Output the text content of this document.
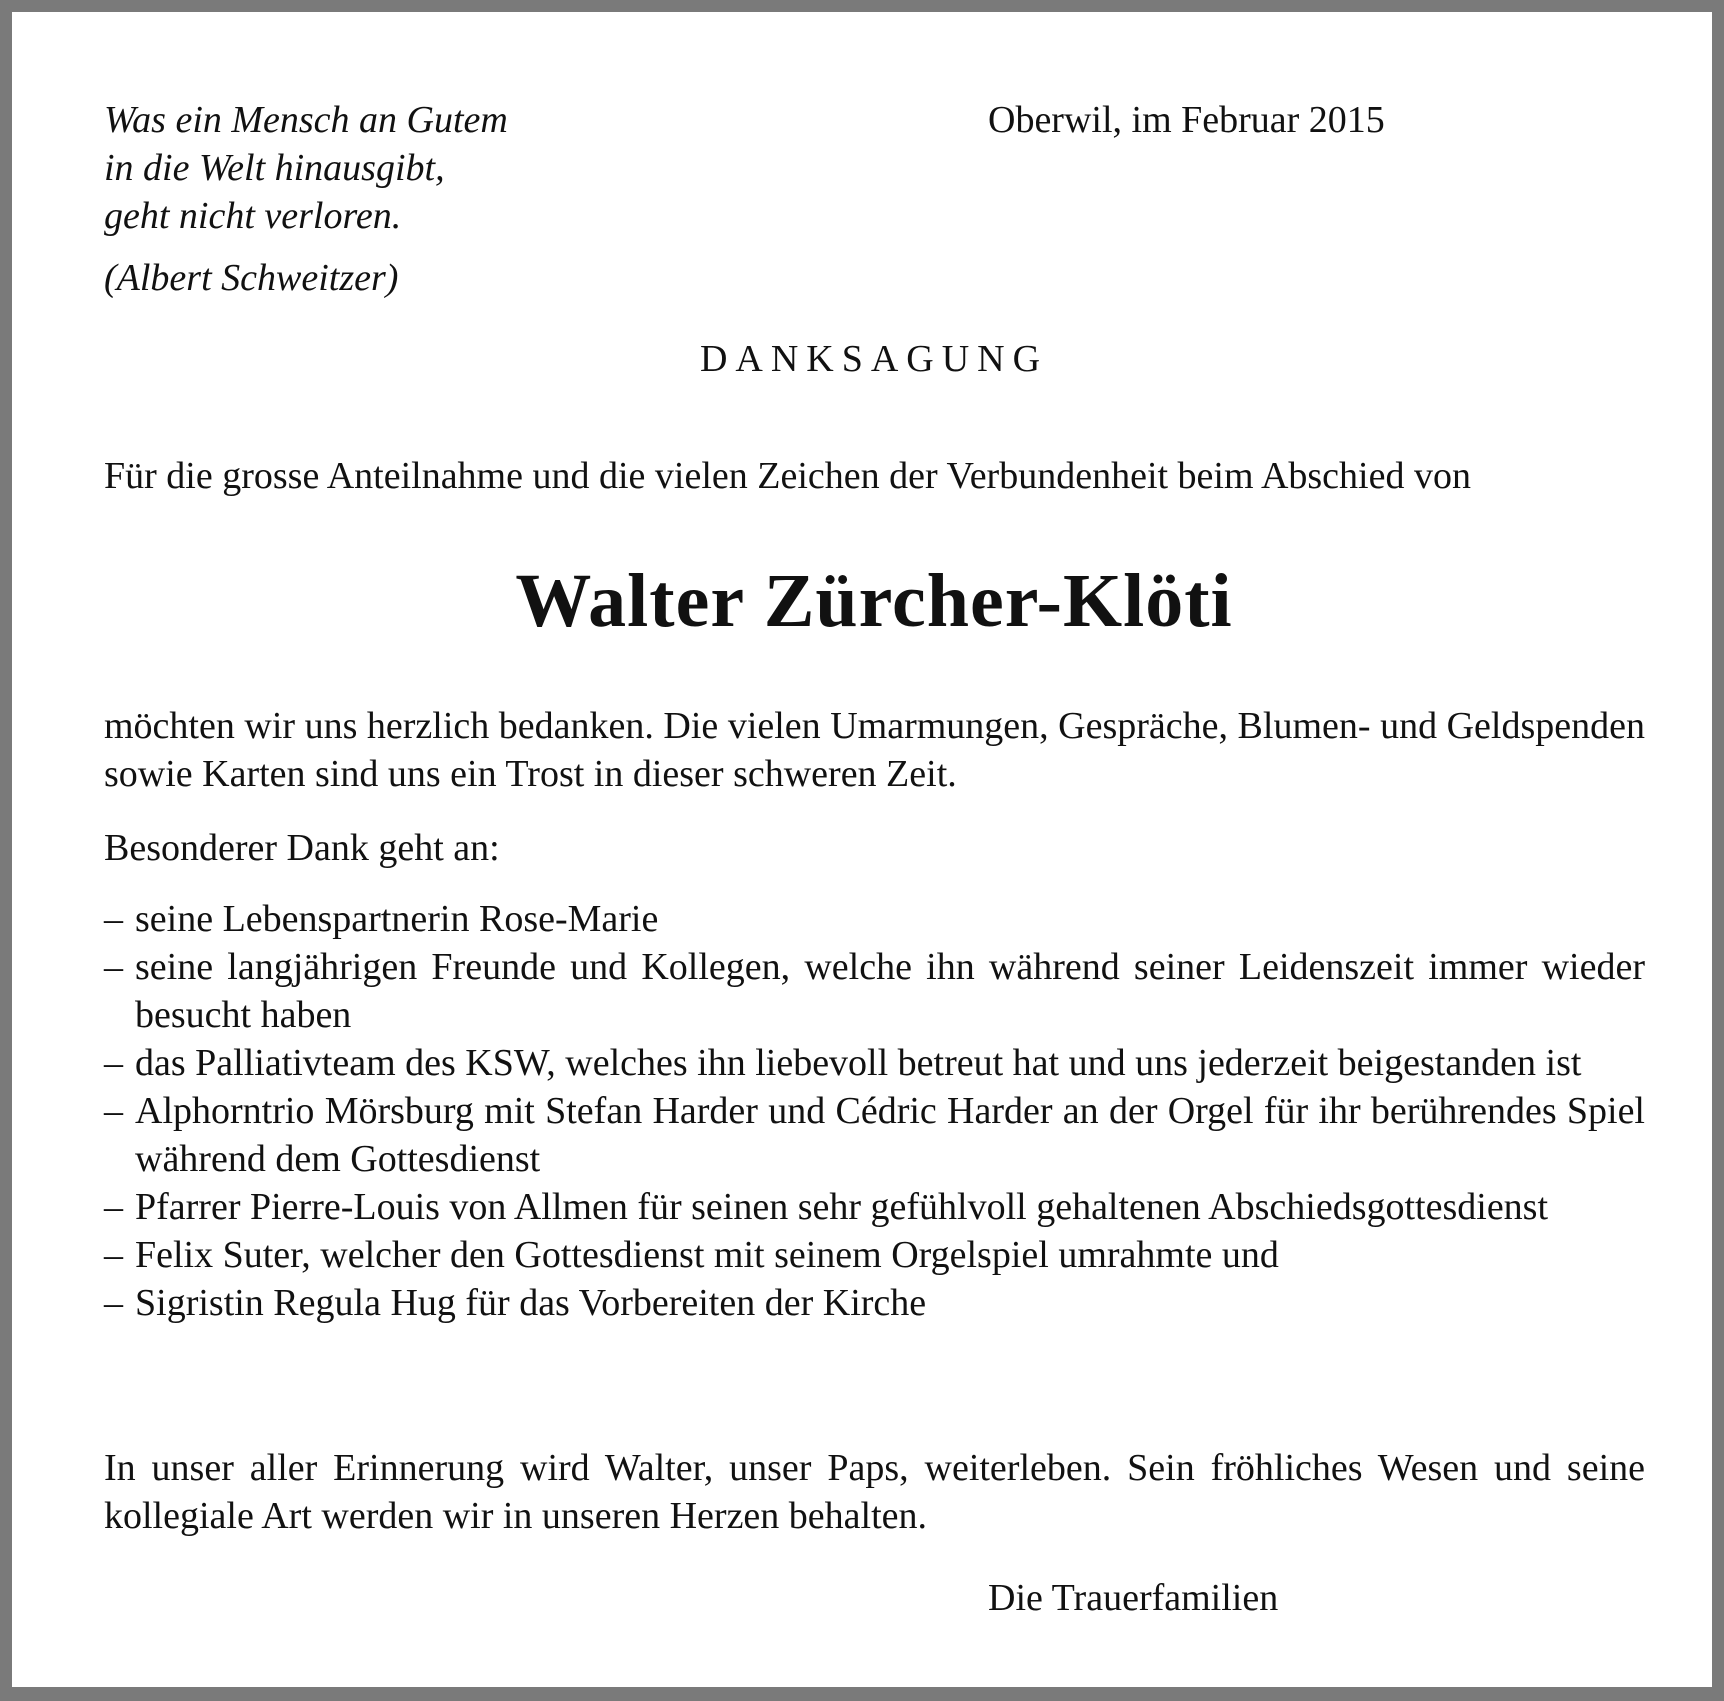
Was ein Mensch an Gutem
in die Welt hinausgibt,
geht nicht verloren.

(Albert Schweitzer)

Oberwil, im Februar 2015

DANKSAGUNG

Für die grosse Anteilnahme und die vielen Zeichen der Verbundenheit beim Abschied von

Walter Zürcher-Klöti

möchten wir uns herzlich bedanken. Die vielen Umarmungen, Gespräche, Blumen- und Geldspenden sowie Karten sind uns ein Trost in dieser schweren Zeit.

Besonderer Dank geht an:

– seine Lebenspartnerin Rose-Marie
– seine langjährigen Freunde und Kollegen, welche ihn während seiner Leidenszeit immer wieder besucht haben
– das Palliativteam des KSW, welches ihn liebevoll betreut hat und uns jederzeit beigestanden ist
– Alphorntrio Mörsburg mit Stefan Harder und Cédric Harder an der Orgel für ihr berührendes Spiel während dem Gottesdienst
– Pfarrer Pierre-Louis von Allmen für seinen sehr gefühlvoll gehaltenen Abschiedsgottesdienst
– Felix Suter, welcher den Gottesdienst mit seinem Orgelspiel umrahmte und
– Sigristin Regula Hug für das Vorbereiten der Kirche

In unser aller Erinnerung wird Walter, unser Paps, weiterleben. Sein fröhliches Wesen und seine kollegiale Art werden wir in unseren Herzen behalten.

Die Trauerfamilien
